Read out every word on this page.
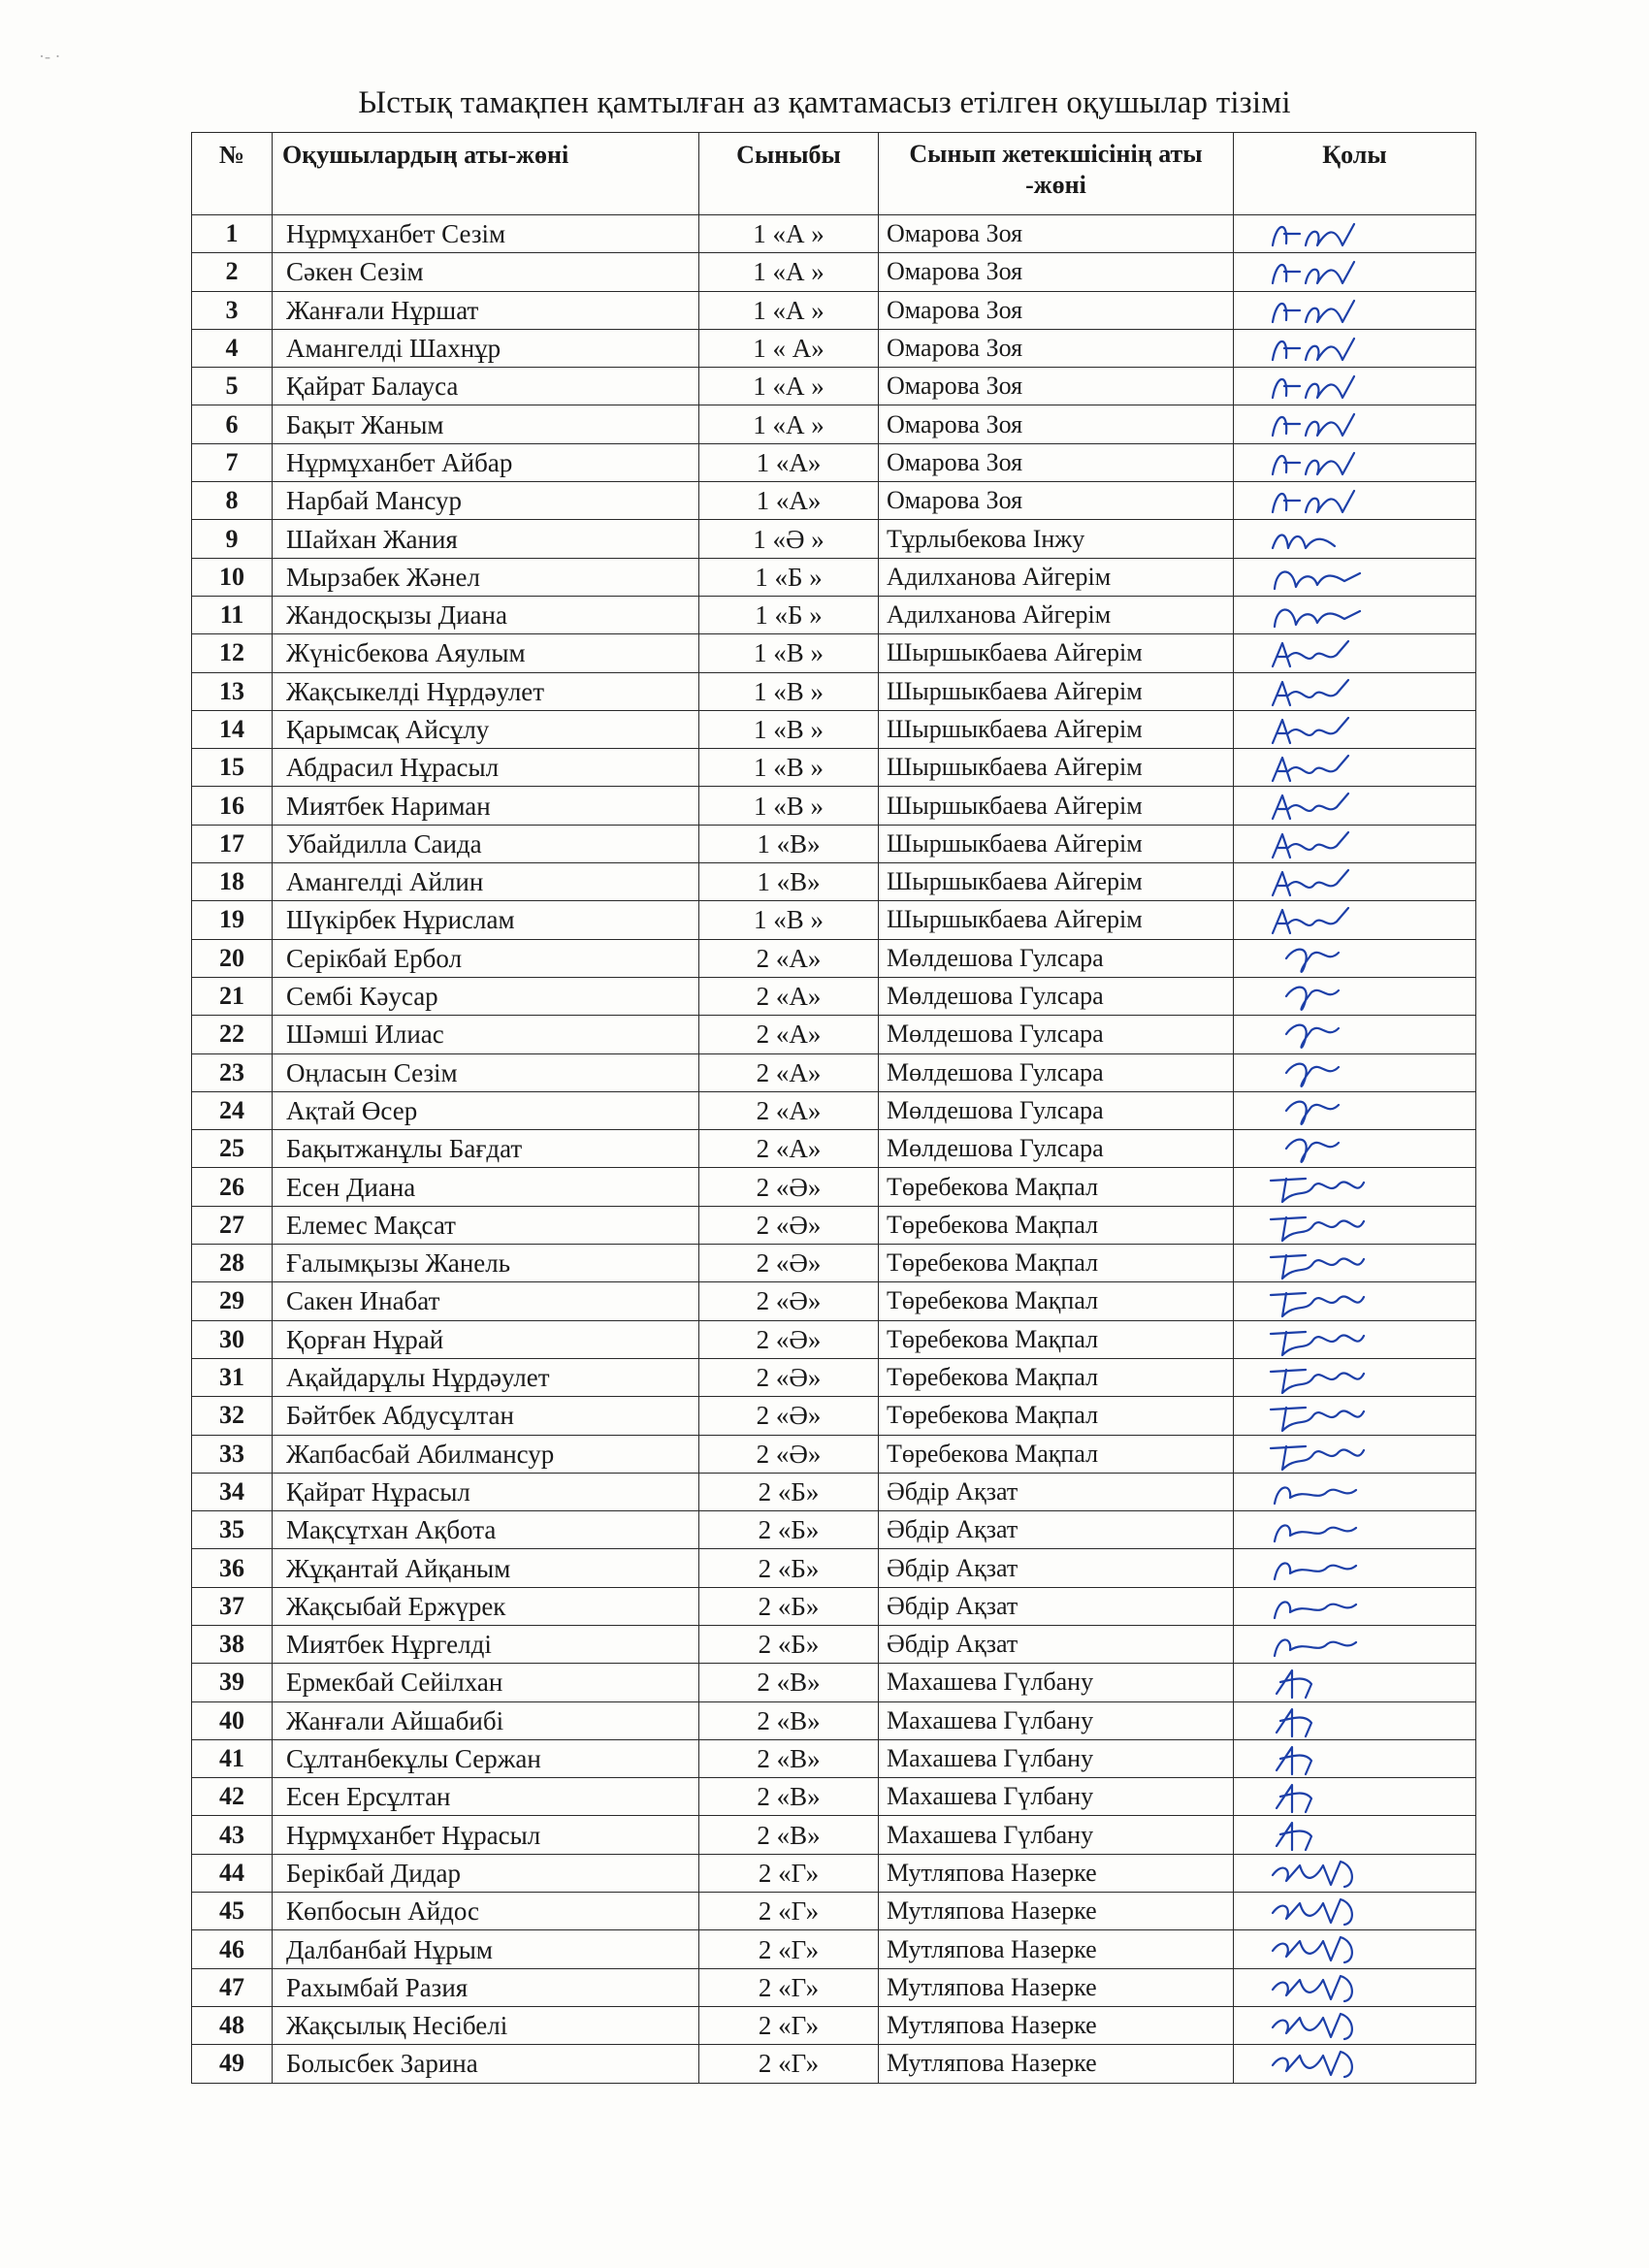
·‐ ·
Ыстық тамақпен қамтылған аз қамтамасыз етілген оқушылар тізімі
№	Оқушылардың аты-жөні	Сыныбы	Сынып жетекшісінің аты -жөні	Қолы
1	Нұрмұханбет Сезім	1 «А »	Омарова Зоя	

2	Сәкен Сезім	1 «А »	Омарова Зоя	

3	Жанғали Нұршат	1 «А »	Омарова Зоя	

4	Амангелді Шахнұр	1 « А»	Омарова Зоя	

5	Қайрат Балауса	1 «А »	Омарова Зоя	

6	Бақыт Жаным	1 «А »	Омарова Зоя	

7	Нұрмұханбет Айбар	1 «А»	Омарова Зоя	

8	Нарбай Мансур	1 «А»	Омарова Зоя	

9	Шайхан Жания	1 «Ә »	Тұрлыбекова Інжу	

10	Мырзабек Жәнел	1 «Б »	Адилханова Айгерім	

11	Жандосқызы Диана	1 «Б »	Адилханова Айгерім	

12	Жүнісбекова Аяулым	1 «В »	Шыршыкбаева Айгерім	

13	Жақсыкелді Нұрдәулет	1 «В »	Шыршыкбаева Айгерім	

14	Қарымсақ Айсұлу	1 «В »	Шыршыкбаева Айгерім	

15	Абдрасил Нұрасыл	1 «В »	Шыршыкбаева Айгерім	

16	Миятбек Нариман	1 «В »	Шыршыкбаева Айгерім	

17	Убайдилла Саида	1 «В»	Шыршыкбаева Айгерім	

18	Амангелді Айлин	1 «В»	Шыршыкбаева Айгерім	

19	Шүкірбек Нұрислам	1 «В »	Шыршыкбаева Айгерім	

20	Серікбай Ербол	2 «А»	Мөлдешова Гулсара	

21	Сембі Кәусар	2 «А»	Мөлдешова Гулсара	

22	Шәмші Илиас	2 «А»	Мөлдешова Гулсара	

23	Оңласын Сезім	2 «А»	Мөлдешова Гулсара	

24	Ақтай Өсер	2 «А»	Мөлдешова Гулсара	

25	Бақытжанұлы Бағдат	2 «А»	Мөлдешова Гулсара	

26	Есен Диана	2 «Ә»	Төребекова Мақпал	

27	Елемес Мақсат	2 «Ә»	Төребекова Мақпал	

28	Ғалымқызы Жанель	2 «Ә»	Төребекова Мақпал	

29	Сакен Инабат	2 «Ә»	Төребекова Мақпал	

30	Қорған Нұрай	2 «Ә»	Төребекова Мақпал	

31	Ақайдарұлы Нұрдәулет	2 «Ә»	Төребекова Мақпал	

32	Бәйтбек Абдусұлтан	2 «Ә»	Төребекова Мақпал	

33	Жапбасбай Абилмансур	2 «Ә»	Төребекова Мақпал	

34	Қайрат Нұрасыл	2 «Б»	Әбдір Ақзат	

35	Мақсұтхан Ақбота	2 «Б»	Әбдір Ақзат	

36	Жұқантай Айқаным	2 «Б»	Әбдір Ақзат	

37	Жақсыбай Ержүрек	2 «Б»	Әбдір Ақзат	

38	Миятбек Нұргелді	2 «Б»	Әбдір Ақзат	

39	Ермекбай Сейілхан	2 «В»	Махашева Гүлбану	

40	Жанғали Айшабибі	2 «В»	Махашева Гүлбану	

41	Сұлтанбекұлы Сержан	2 «В»	Махашева Гүлбану	

42	Есен Ерсұлтан	2 «В»	Махашева Гүлбану	

43	Нұрмұханбет Нұрасыл	2 «В»	Махашева Гүлбану	

44	Берікбай Дидар	2 «Г»	Мутляпова Назерке	

45	Көпбосын Айдос	2 «Г»	Мутляпова Назерке	

46	Далбанбай Нұрым	2 «Г»	Мутляпова Назерке	

47	Рахымбай Разия	2 «Г»	Мутляпова Назерке	

48	Жақсылық Несібелі	2 «Г»	Мутляпова Назерке	

49	Болысбек Зарина	2 «Г»	Мутляпова Назерке	
